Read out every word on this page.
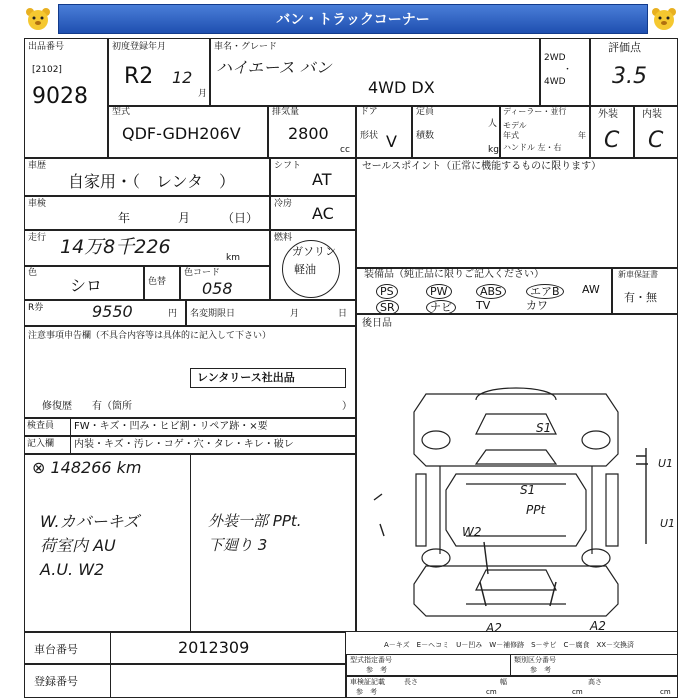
バン・トラックコーナー
出品番号
[2102]
9028
初度登録年月
R2 12
月
車名・グレード
ハイエース バン
4WD DX
2WD
・
4WD
評価点
3.5
型式
QDF-GDH206V
排気量
2800
cc
ドア
形状 V
定員
人
積数
kg
ディーラー・並行
モデル
年式	年
ハンドル 左・右
外装 内装
C C
車歴
自家用・（　レンタ　）
シフト
AT
車検
年	月	（日）
冷房 AC
走行 14万8千226	km
燃料
ガソリン
軽油
色
シロ	色替
色コード
058
R券	9550	円 名変期限日	月	日
注意事項申告欄（不具合内容等は具体的に記入して下さい）
レンタリース社出品
修復歴　　有（箇所	）
検査員
記入欄
FW・キズ・凹み・ヒビ割・リペア跡・×要
内装・キズ・汚レ・コゲ・穴・タレ・キレ・破レ
⊗ 148266 km
W.カバーキズ
荷室内 AU
A.U. W2
外装一部 PPt.
下廻り 3
セールスポイント（正常に機能するものに限ります）
装備品（純正品に限りご記入ください）
PS	PW	ABS	エアB	AW
SR	ナビ	TV	カワ
新車保証書
有・無
後日品
S1
S1
PPt
W2
A2	A2
U1
U1
A－キズ　E－ヘコミ　U－凹み　W－補修跡　S－サビ　C－腐食　XX－交換済
車台番号	2012309
登録番号
型式指定番号
参　考
類別区分番号
参　考
車検証記載
参　考
長さ
cm
幅
cm
高さ
cm
